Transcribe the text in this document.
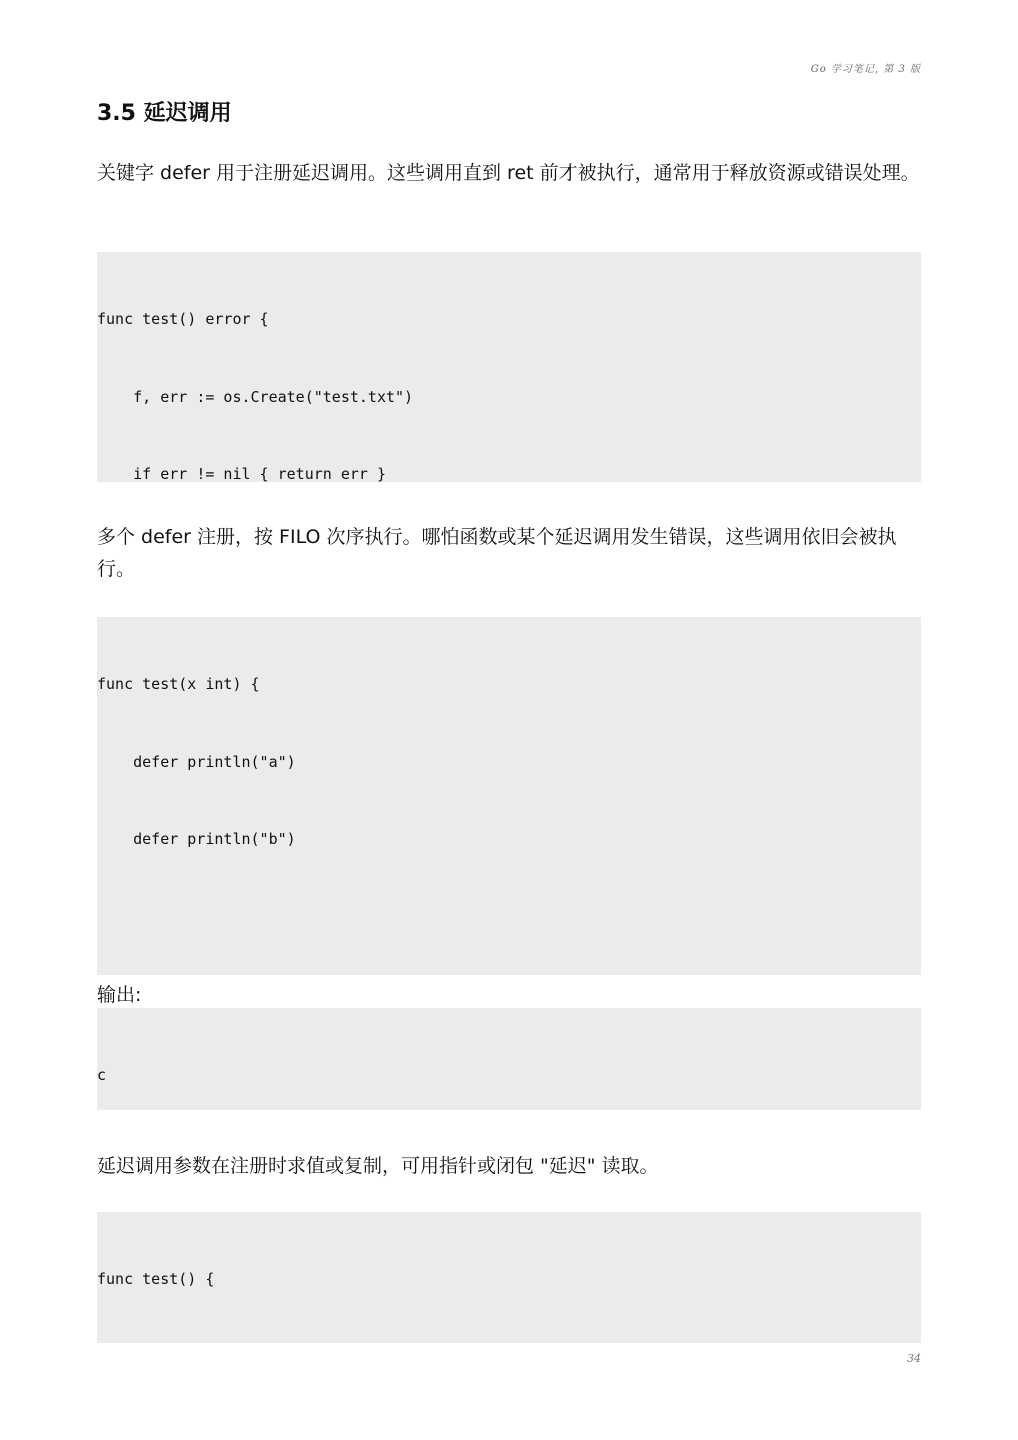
Go 学习笔记, 第 3 版
3.5 延迟调用

关键字 defer 用于注册延迟调用。这些调用直到 ret 前才被执行，通常用于释放资源或错误处理。

func test() error {

f, err := os.Create("test.txt")

if err != nil { return err }

多个 defer 注册，按 FILO 次序执行。哪怕函数或某个延迟调用发生错误，这些调用依旧会被执行。

func test(x int) {

defer println("a")

defer println("b")

输出:

c

延迟调用参数在注册时求值或复制，可用指针或闭包 "延迟" 读取。

func test() {

34
